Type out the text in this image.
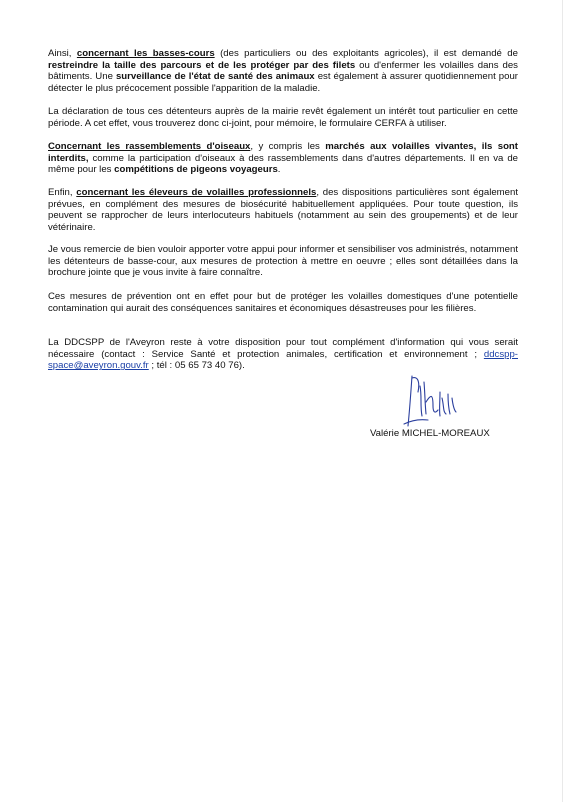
Ainsi, concernant les basses-cours (des particuliers ou des exploitants agricoles), il est demandé de restreindre la taille des parcours et de les protéger par des filets ou d'enfermer les volailles dans des bâtiments. Une surveillance de l'état de santé des animaux est également à assurer quotidiennement pour détecter le plus précocement possible l'apparition de la maladie.

La déclaration de tous ces détenteurs auprès de la mairie revêt également un intérêt tout particulier en cette période. A cet effet, vous trouverez donc ci-joint, pour mémoire, le formulaire CERFA à utiliser.

Concernant les rassemblements d'oiseaux, y compris les marchés aux volailles vivantes, ils sont interdits, comme la participation d'oiseaux à des rassemblements dans d'autres départements. Il en va de même pour les compétitions de pigeons voyageurs.

Enfin, concernant les éleveurs de volailles professionnels, des dispositions particulières sont également prévues, en complément des mesures de biosécurité habituellement appliquées. Pour toute question, ils peuvent se rapprocher de leurs interlocuteurs habituels (notamment au sein des groupements) et de leur vétérinaire.

Je vous remercie de bien vouloir apporter votre appui pour informer et sensibiliser vos administrés, notamment les détenteurs de basse-cour, aux mesures de protection à mettre en oeuvre ; elles sont détaillées dans la brochure jointe que je vous invite à faire connaître.

Ces mesures de prévention ont en effet pour but de protéger les volailles domestiques d'une potentielle contamination qui aurait des conséquences sanitaires et économiques désastreuses pour les filières.

La DDCSPP de l'Aveyron reste à votre disposition pour tout complément d'information qui vous serait nécessaire (contact : Service Santé et protection animales, certification et environnement ; ddcspp-space@aveyron.gouv.fr ; tél : 05 65 73 40 76).

Valérie MICHEL-MOREAUX
